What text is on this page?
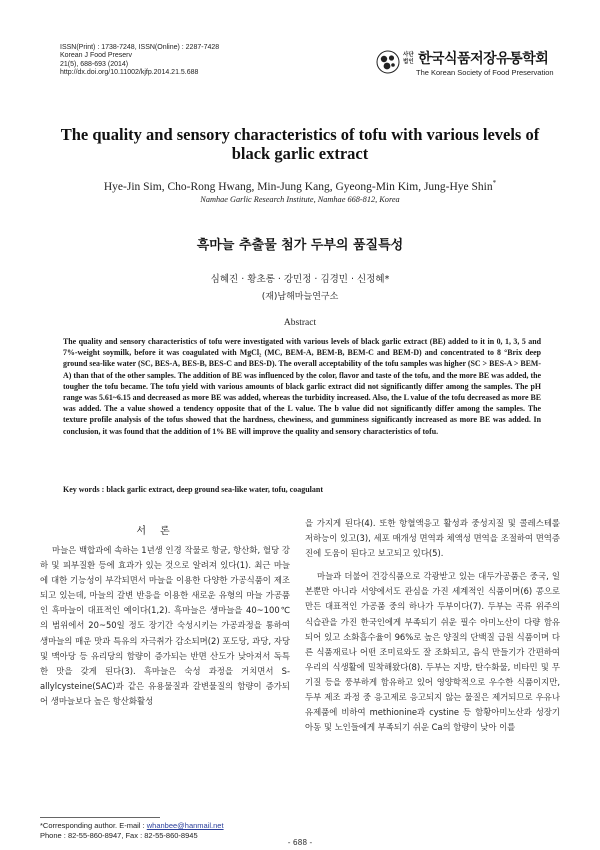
ISSN(Print) : 1738-7248, ISSN(Online) : 2287-7428
Korean J Food Preserv
21(5), 688-693 (2014)
http://dx.doi.org/10.11002/kjfp.2014.21.5.688
사단법인 한국식품저장유통학회
The Korean Society of Food Preservation
The quality and sensory characteristics of tofu with various levels of black garlic extract
Hye-Jin Sim, Cho-Rong Hwang, Min-Jung Kang, Gyeong-Min Kim, Jung-Hye Shin*
Namhae Garlic Research Institute, Namhae 668-812, Korea
흑마늘 추출물 첨가 두부의 품질특성
심혜진 · 황초롱 · 강민정 · 김경민 · 신정혜*
(재)남해마늘연구소
Abstract
The quality and sensory characteristics of tofu were investigated with various levels of black garlic extract (BE) added to it in 0, 1, 3, 5 and 7%-weight soymilk, before it was coagulated with MgCl₂ (MC, BEM-A, BEM-B, BEM-C and BEM-D) and concentrated to 8 °Brix deep ground sea-like water (SC, BES-A, BES-B, BES-C and BES-D). The overall acceptability of the tofu samples was higher (SC > BES-A > BEM-A) than that of the other samples. The addition of BE was influenced by the color, flavor and taste of the tofu, and the more BE was added, the tougher the tofu became. The tofu yield with various amounts of black garlic extract did not significantly differ among the samples. The pH range was 5.61~6.15 and decreased as more BE was added, whereas the turbidity increased. Also, the L value of the tofu decreased as more BE was added. The a value showed a tendency opposite that of the L value. The b value did not significantly differ among the samples. The texture profile analysis of the tofus showed that the hardness, chewiness, and gumminess significantly increased as more BE was added. In conclusion, it was found that the addition of 1% BE will improve the quality and sensory characteristics of tofu.
Key words : black garlic extract, deep ground sea-like water, tofu, coagulant
서론

마늘은 백합과에 속하는 1년생 인경 작물로 항균, 항산화, 혈당 강하 및 피부질환 등에 효과가 있는 것으로 알려져 있다(1). 최근 마늘에 대한 기능성이 부각되면서 마늘을 이용한 다양한 가공식품이 제조되고 있는데, 마늘의 갈변 반응을 이용한 새로운 유형의 마늘 가공품인 흑마늘이 대표적인 예이다(1,2). 흑마늘은 생마늘을 40~100℃의 범위에서 20~50일 정도 장기간 숙성시키는 가공과정을 통하여 생마늘의 매운 맛과 특유의 자극취가 감소되며(2) 포도당, 과당, 자당 및 맥아당 등 유리당의 함량이 증가되는 반면 산도가 낮아져서 독특한 맛을 갖게 된다(3). 흑마늘은 숙성 과정을 거치면서 S-allylcysteine(SAC)과 같은 유용물질과 갈변물질의 함량이 증가되어 생마늘보다 높은 항산화활성

을 가지게 된다(4). 또한 항혈액응고 활성과 중성지질 및 콜레스테롤 저하능이 있고(3), 세포 매개성 면역과 체액성 면역을 조절하여 면역증진에 도움이 된다고 보고되고 있다(5).

마늘과 더불어 건강식품으로 각광받고 있는 대두가공품은 중국, 일본뿐만 아니라 서양에서도 관심을 가진 세계적인 식품이며(6) 콩으로 만든 대표적인 가공품 중의 하나가 두부이다(7). 두부는 곡류 위주의 식습관을 가진 한국인에게 부족되기 쉬운 필수 아미노산이 다량 함유되어 있고 소화흡수율이 96%로 높은 양질의 단백질 급원 식품이며 다른 식품재료나 어떤 조미료와도 잘 조화되고, 음식 만들기가 간편하여 우리의 식생활에 밀착해왔다(8). 두부는 지방, 탄수화물, 비타민 및 무기질 등을 풍부하게 함유하고 있어 영양학적으로 우수한 식품이지만, 두부 제조 과정 중 응고제로 응고되지 않는 물질은 제거되므로 우유나 유제품에 비하여 methionine과 cystine 등 함황아미노산과 성장기 아동 및 노인들에게 부족되기 쉬운 Ca의 함량이 낮아 이를

*Corresponding author. E-mail : whanbee@hanmail.net
Phone : 82-55-860-8947, Fax : 82-55-860-8945
- 688 -
